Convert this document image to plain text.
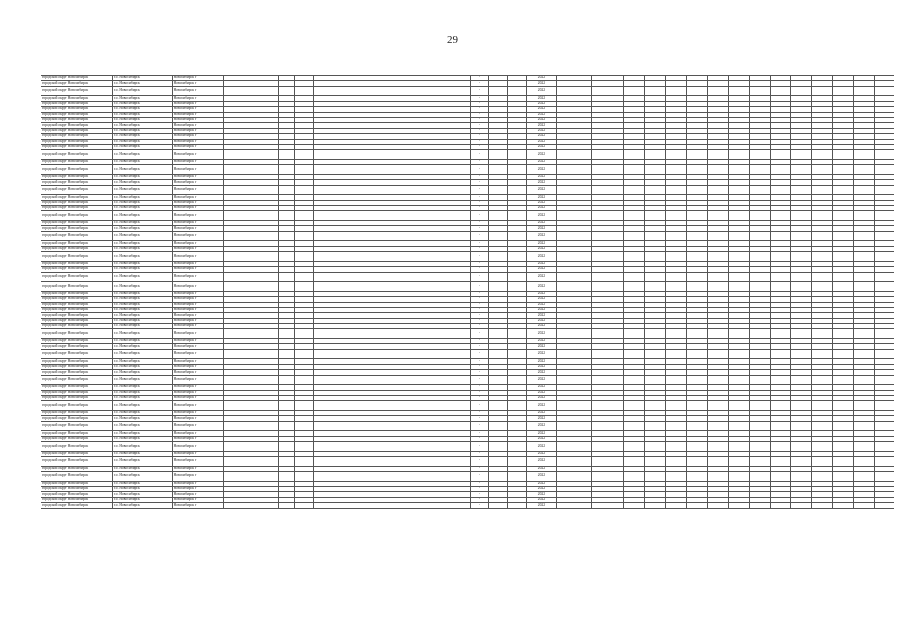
29
городской округ Новосибирск	г.о. Новосибирск	Новосибирск г					-			2022															
городской округ Новосибирск	г.о. Новосибирск	Новосибирск г					-			2022															
городской округ Новосибирск	г.о. Новосибирск	Новосибирск г					-			2022															
городской округ Новосибирск	г.о. Новосибирск	Новосибирск г					-			2022															
городской округ Новосибирск	г.о. Новосибирск	Новосибирск г					-			2022															
городской округ Новосибирск	г.о. Новосибирск	Новосибирск г					-			2022															
городской округ Новосибирск	г.о. Новосибирск	Новосибирск г					-			2022															
городской округ Новосибирск	г.о. Новосибирск	Новосибирск г					-			2022															
городской округ Новосибирск	г.о. Новосибирск	Новосибирск г					-			2022															
городской округ Новосибирск	г.о. Новосибирск	Новосибирск г					-			2022															
городской округ Новосибирск	г.о. Новосибирск	Новосибирск г					-			2022															
городской округ Новосибирск	г.о. Новосибирск	Новосибирск г					-			2022															
городской округ Новосибирск	г.о. Новосибирск	Новосибирск г					-			2022															
городской округ Новосибирск	г.о. Новосибирск	Новосибирск г					-			2022															
городской округ Новосибирск	г.о. Новосибирск	Новосибирск г					-			2022															
городской округ Новосибирск	г.о. Новосибирск	Новосибирск г					-			2022															
городской округ Новосибирск	г.о. Новосибирск	Новосибирск г					-			2022															
городской округ Новосибирск	г.о. Новосибирск	Новосибирск г					-			2022															
городской округ Новосибирск	г.о. Новосибирск	Новосибирск г					-			2022															
городской округ Новосибирск	г.о. Новосибирск	Новосибирск г					-			2022															
городской округ Новосибирск	г.о. Новосибирск	Новосибирск г					-			2022															
городской округ Новосибирск	г.о. Новосибирск	Новосибирск г					-			2022															
городской округ Новосибирск	г.о. Новосибирск	Новосибирск г					-			2022															
городской округ Новосибирск	г.о. Новосибирск	Новосибирск г					-			2022															
городской округ Новосибирск	г.о. Новосибирск	Новосибирск г					-			2022															
городской округ Новосибирск	г.о. Новосибирск	Новосибирск г					-			2022															
городской округ Новосибирск	г.о. Новосибирск	Новосибирск г					-			2022															
городской округ Новосибирск	г.о. Новосибирск	Новосибирск г					-			2022															
городской округ Новосибирск	г.о. Новосибирск	Новосибирск г					-			2022															
городской округ Новосибирск	г.о. Новосибирск	Новосибирск г					-			2022															
городской округ Новосибирск	г.о. Новосибирск	Новосибирск г					-			2022															
городской округ Новосибирск	г.о. Новосибирск	Новосибирск г					-			2022															
городской округ Новосибирск	г.о. Новосибирск	Новосибирск г					-			2022															
городской округ Новосибирск	г.о. Новосибирск	Новосибирск г					-			2022															
городской округ Новосибирск	г.о. Новосибирск	Новосибирск г					-			2022															
городской округ Новосибирск	г.о. Новосибирск	Новосибирск г					-			2022															
городской округ Новосибирск	г.о. Новосибирск	Новосибирск г					-			2022															
городской округ Новосибирск	г.о. Новосибирск	Новосибирск г					-			2022															
городской округ Новосибирск	г.о. Новосибирск	Новосибирск г					-			2022															
городской округ Новосибирск	г.о. Новосибирск	Новосибирск г					-			2022															
городской округ Новосибирск	г.о. Новосибирск	Новосибирск г					-			2022															
городской округ Новосибирск	г.о. Новосибирск	Новосибирск г					-			2022															
городской округ Новосибирск	г.о. Новосибирск	Новосибирск г					-			2022															
городской округ Новосибирск	г.о. Новосибирск	Новосибирск г					-			2022															
городской округ Новосибирск	г.о. Новосибирск	Новосибирск г					-			2022															
городской округ Новосибирск	г.о. Новосибирск	Новосибирск г					-			2022															
городской округ Новосибирск	г.о. Новосибирск	Новосибирск г					-			2022															
городской округ Новосибирск	г.о. Новосибирск	Новосибирск г					-			2022															
городской округ Новосибирск	г.о. Новосибирск	Новосибирск г					-			2022															
городской округ Новосибирск	г.о. Новосибирск	Новосибирск г					-			2022															
городской округ Новосибирск	г.о. Новосибирск	Новосибирск г					-			2022															
городской округ Новосибирск	г.о. Новосибирск	Новосибирск г					-			2022															
городской округ Новосибирск	г.о. Новосибирск	Новосибирск г					-			2022															
городской округ Новосибирск	г.о. Новосибирск	Новосибирск г					-			2022															
городской округ Новосибирск	г.о. Новосибирск	Новосибирск г					-			2022															
городской округ Новосибирск	г.о. Новосибирск	Новосибирск г					-			2022															
городской округ Новосибирск	г.о. Новосибирск	Новосибирск г					-			2022															
городской округ Новосибирск	г.о. Новосибирск	Новосибирск г					-			2022															
городской округ Новосибирск	г.о. Новосибирск	Новосибирск г					-			2022															
городской округ Новосибирск	г.о. Новосибирск	Новосибирск г					-			2022															
городской округ Новосибирск	г.о. Новосибирск	Новосибирск г					-			2022															
городской округ Новосибирск	г.о. Новосибирск	Новосибирск г					-			2022															
городской округ Новосибирск	г.о. Новосибирск	Новосибирск г					-			2022															
городской округ Новосибирск	г.о. Новосибирск	Новосибирск г					-			2022															
городской округ Новосибирск	г.о. Новосибирск	Новосибирск г					-			2022															
городской округ Новосибирск	г.о. Новосибирск	Новосибирск г					-			2022															
городской округ Новосибирск	г.о. Новосибирск	Новосибирск г					-			2022															
